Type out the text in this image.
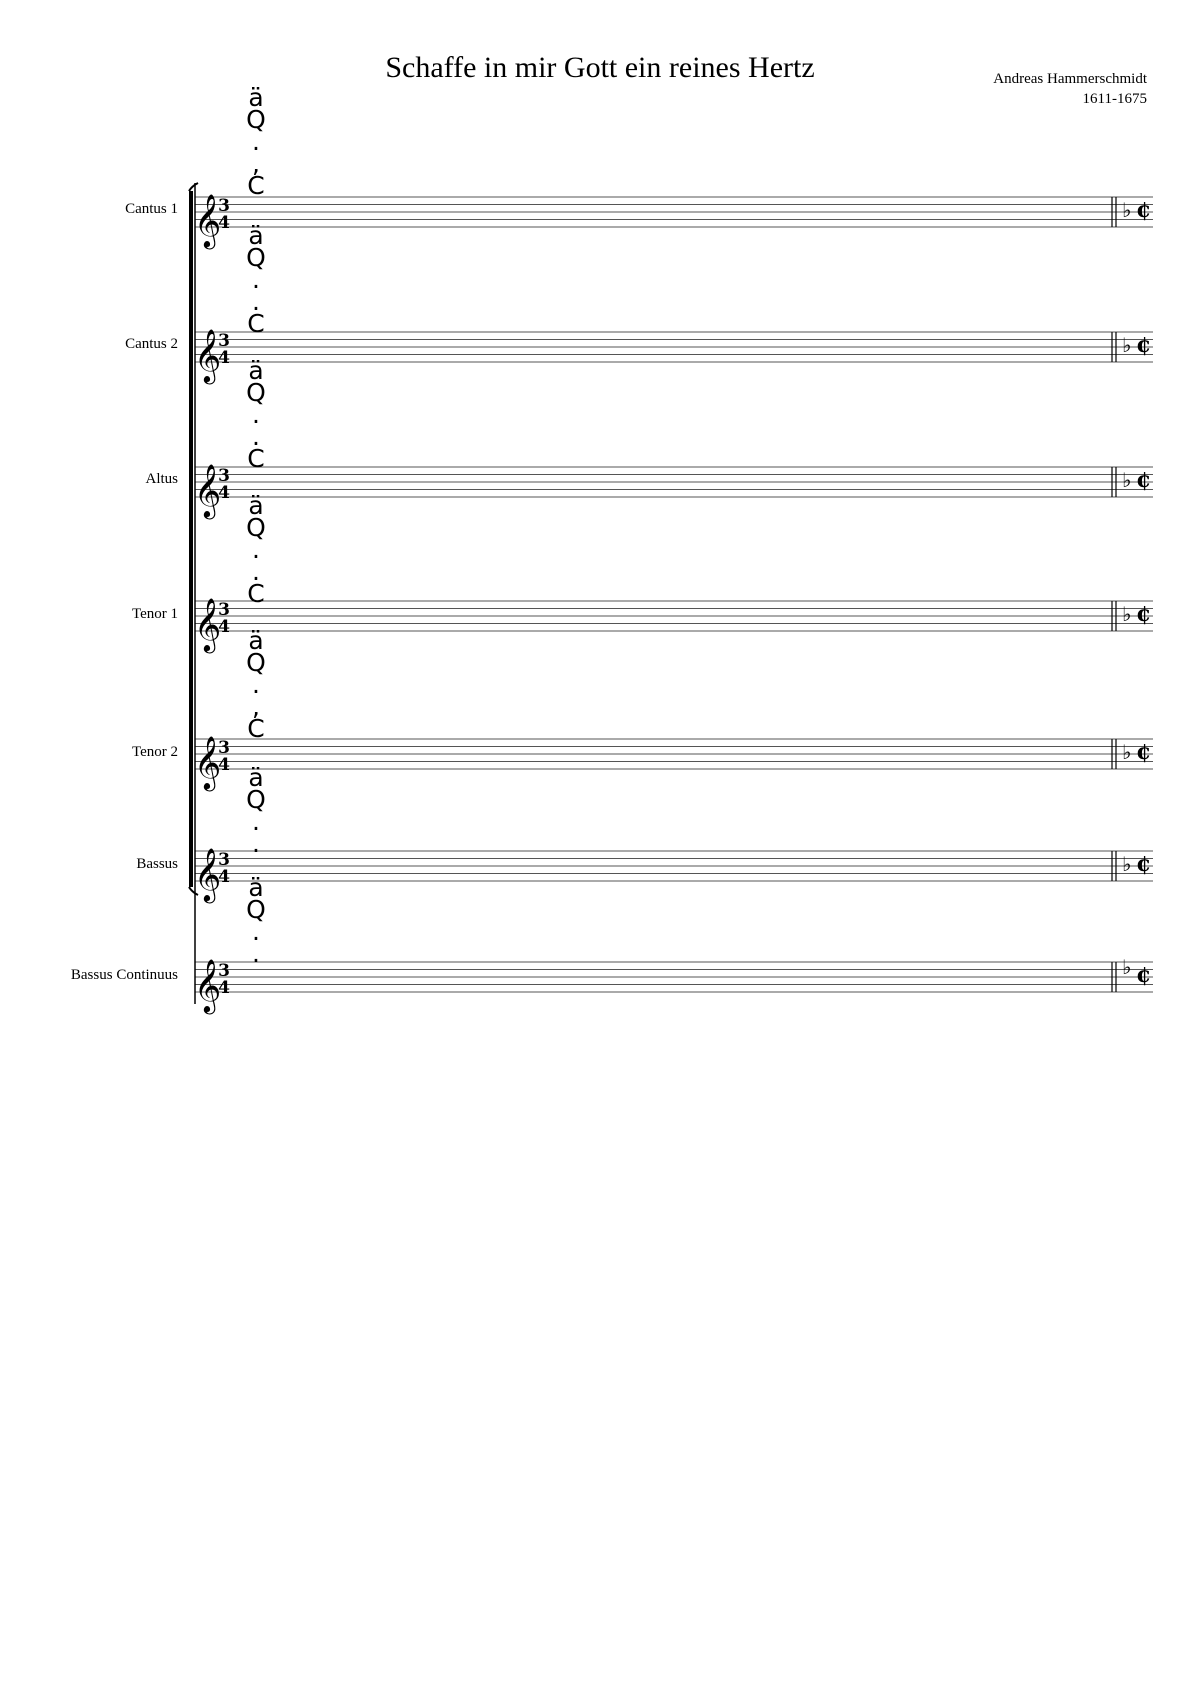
Schaffe in mir Gott ein reines Hertz	Andreas Hammerschmidt
1611-1675
Cantus 1
Cantus 2
Altus
Tenor 1
Tenor 2
Bassus
Bassus Continuus
𝄞
3
4
♭ ¢
ä
Q
.
,
C
𝄞
3
4
♭ ¢
ä
Q
.
.
C
𝄞
3
4
♭ ¢
ä
Q
.
.
C
𝄞
3
4
♭ ¢
ä
Q
.
.
C
𝄞
3
4
♭ ¢
ä
Q
.
,
C
𝄞
3
4
♭ ¢
ä
Q
.
.
𝄞
3
4
♭ ¢
ä
Q
.
.
